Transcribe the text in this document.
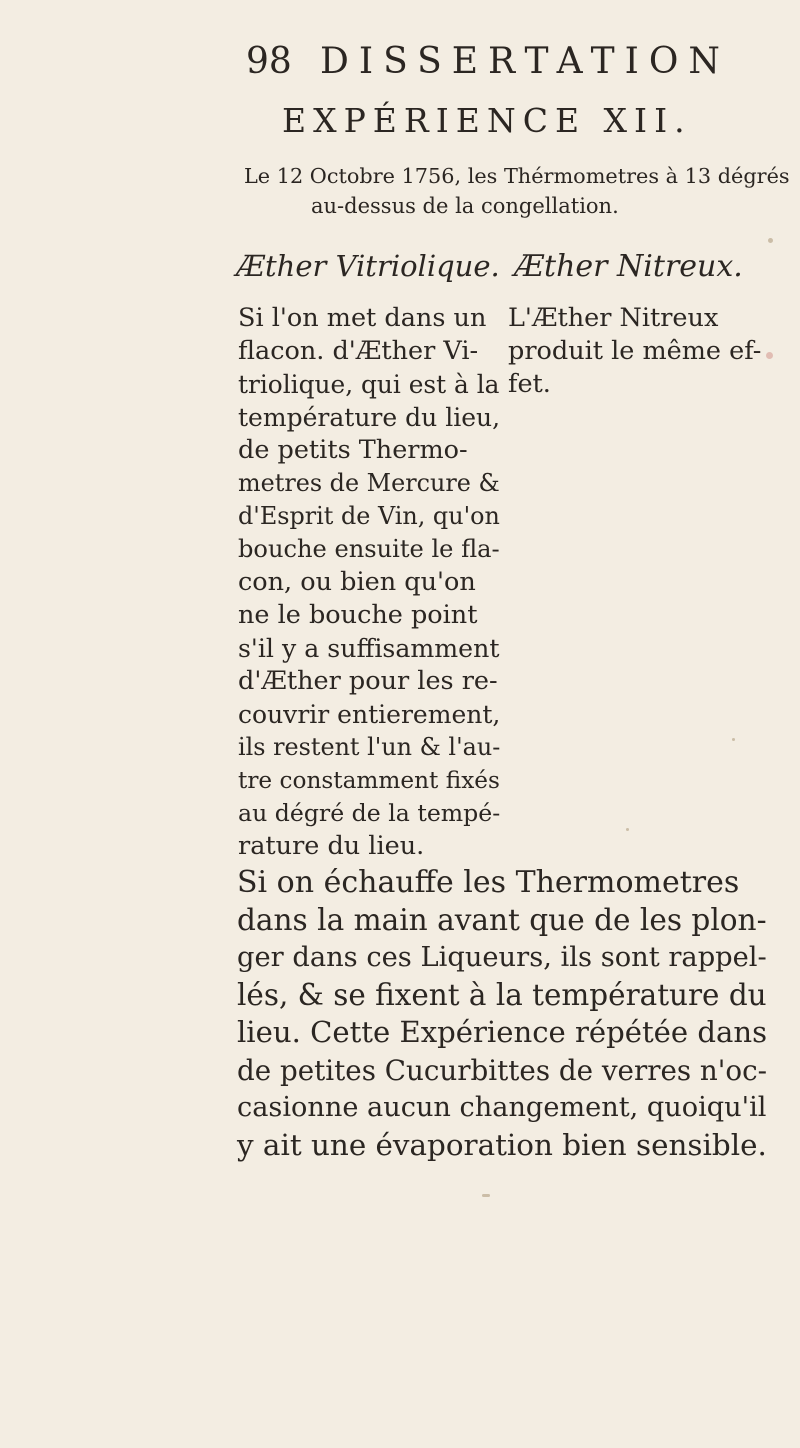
98 DISSERTATION
EXPÉRIENCE XII.
Le 12 Octobre 1756, les Thérmometres à 13 dégrés
au-dessus de la congellation.
Æther Vitriolique. Æther Nitreux.
Si l'on met dans un
flacon. d'Æther Vi-
triolique, qui est à la
température du lieu,
de petits Thermo-
metres de Mercure &
d'Esprit de Vin, qu'on
bouche ensuite le fla-
con, ou bien qu'on
ne le bouche point
s'il y a suffisamment
d'Æther pour les re-
couvrir entierement,
ils restent l'un & l'au-
tre constamment fixés
au dégré de la tempé-
rature du lieu.
L'Æther Nitreux
produit le même ef-
fet.
Si on échauffe les Thermometres
dans la main avant que de les plon-
ger dans ces Liqueurs, ils sont rappel-
lés, & se fixent à la température du
lieu. Cette Expérience répétée dans
de petites Cucurbittes de verres n'oc-
casionne aucun changement, quoiqu'il
y ait une évaporation bien sensible.
